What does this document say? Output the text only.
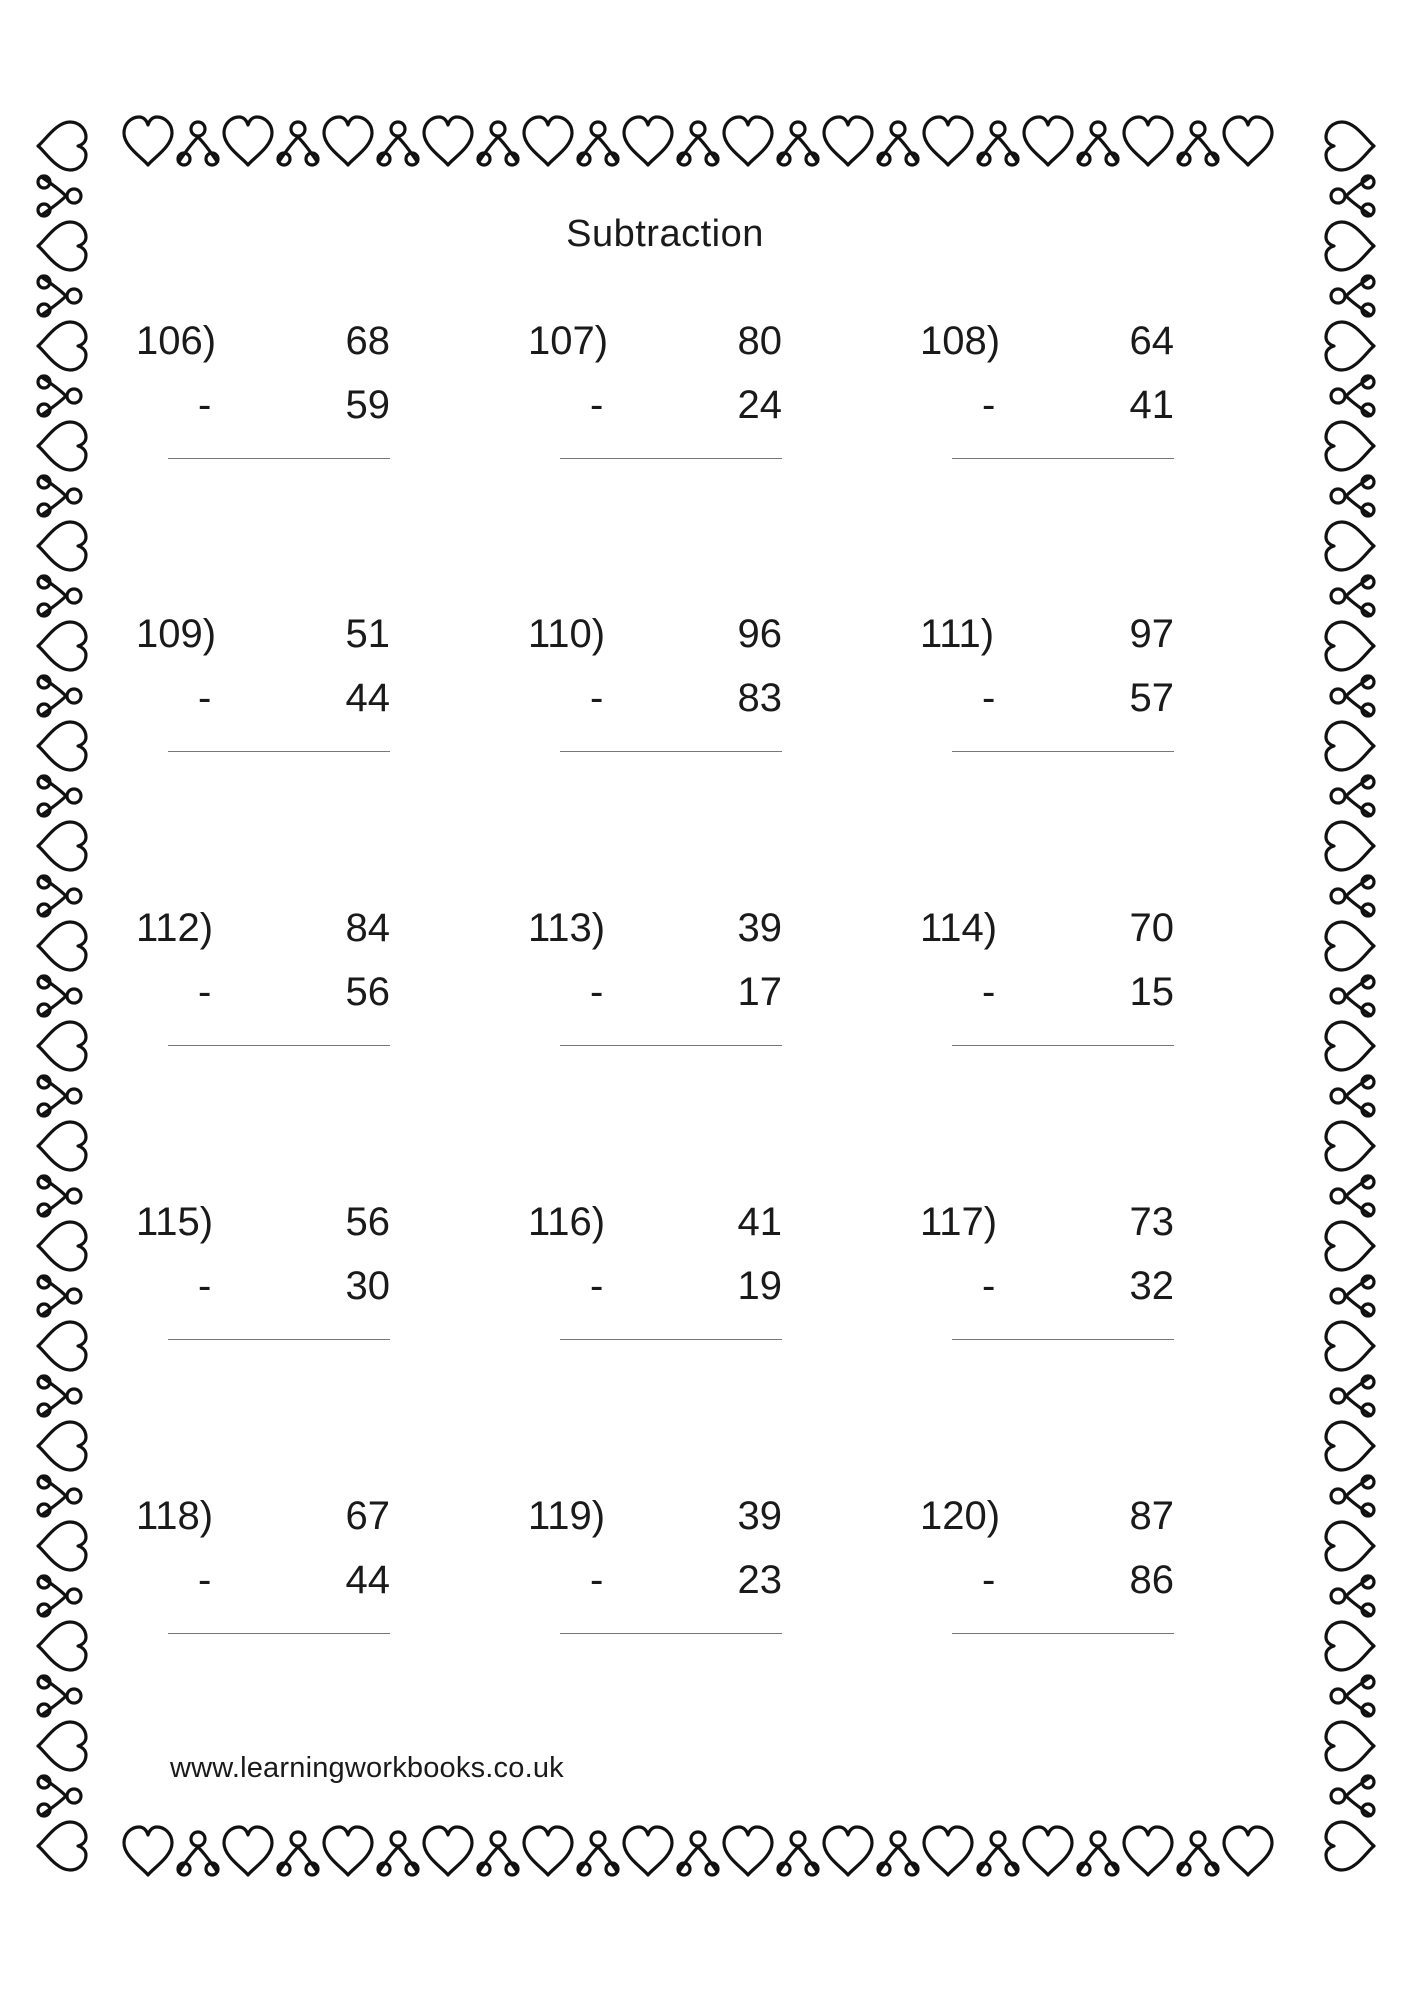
Subtraction
106)	68
-	59
107)	80
-	24
108)	64
-	41
109)	51
-	44
110)	96
-	83
111)	97
-	57
112)	84
-	56
113)	39
-	17
114)	70
-	15
115)	56
-	30
116)	41
-	19
117)	73
-	32
118)	67
-	44
119)	39
-	23
120)	87
-	86
www.learningworkbooks.co.uk
